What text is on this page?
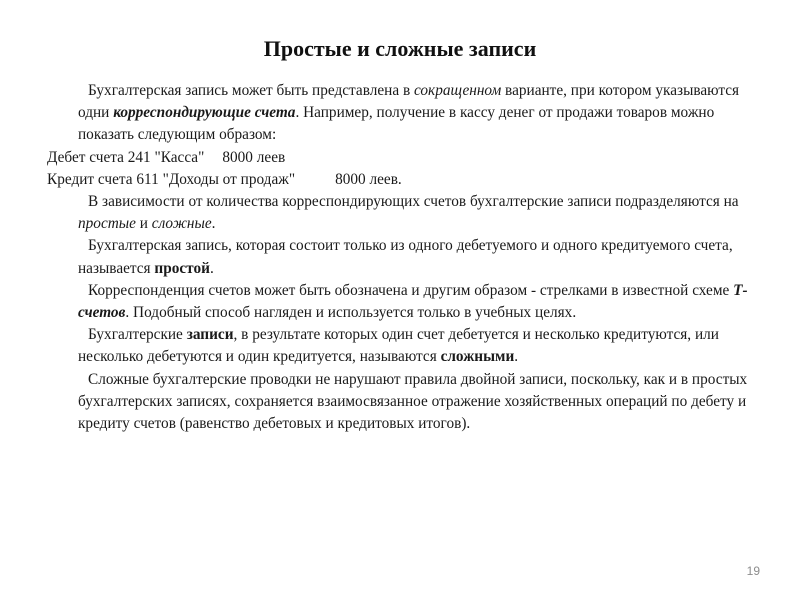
Простые и сложные записи

Бухгалтерская запись может быть представлена в сокращенном варианте, при котором указываются одни корреспондирующие счета. Например, получение в кассу денег от продажи товаров можно показать следующим образом:

Дебет счета 241 "Касса" 8000 леев

Кредит счета 611 "Доходы от продаж"	8000 леев.

В зависимости от количества корреспондирующих счетов бухгалтерские записи подразделяются на простые и сложные.

Бухгалтерская запись, которая состоит только из одного дебетуемого и одного кредитуемого счета, называется простой.

Корреспонденция счетов может быть обозначена и другим образом - стрелками в известной схеме Т-счетов. Подобный способ нагляден и используется только в учебных целях.

Бухгалтерские записи, в результате которых один счет дебетуется и несколько кредитуются, или несколько дебетуются и один кредитуется, называются сложными.

Сложные бухгалтерские проводки не нарушают правила двойной записи, поскольку, как и в простых бухгалтерских записях, сохраняется взаимосвязанное отражение хозяйственных операций по дебету и кредиту счетов (равенство дебетовых и кредитовых итогов).

19
